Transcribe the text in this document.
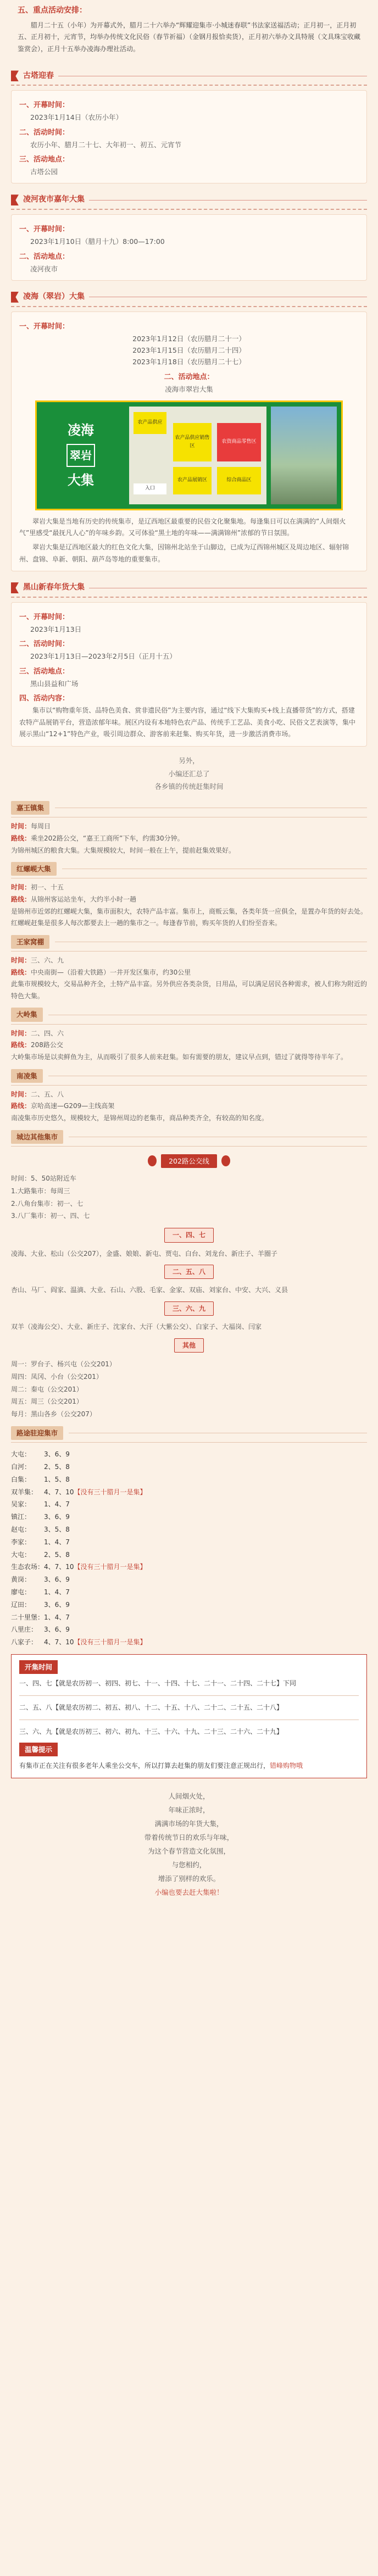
五、重点活动安排：

腊月二十五（小年）为开幕式外，腊月二十六举办“辉耀迎集市·小城迷春联”书法家送福活动；正月初一，正月初五、正月初十，元宵节，均举办传统文化民俗（春节祈福）（金钢月报恰卖货），正月初六举办文具特展（文具珠宝收藏鉴赏会），正月十五举办凌海办理社活动。

古塔迎春
一、开幕时间：
2023年1月14日（农历小年）
二、活动时间：
农历小年、腊月二十七、大年初一、初五、元宵节
三、活动地点：
古塔公园
凌河夜市嘉年大集
一、开幕时间：
2023年1月10日（腊月十九）8:00—17:00
二、活动地点：
凌河夜市
凌海（翠岩）大集
一、开幕时间：
2023年1月12日（农历腊月二十一）
2023年1月15日（农历腊月二十四）
2023年1月18日（农历腊月二十七）
二、活动地点：
凌海市翠岩大集
凌海
翠岩
大集
农产品供应
农产品供应销售区
农资商品零售区
农产品展销区	综合商品区
入口

翠岩大集是当地有历史的传统集市，是辽西地区最重要的民俗文化聚集地。每逢集日可以在满满的“人间烟火气”里感受“最抚凡人心”的年味乡韵。又可体验“黑土地的年味——满满锦州”浓郁的节日氛围。

翠岩大集是辽西地区最大的红色文化大集，因锦州北站坐于山脚边，已成为辽西锦州城区及周边地区、辐射锦州、盘锦、阜新、朝阳、葫芦岛等地的重要集市。

黑山新春年货大集
一、开幕时间：
2023年1月13日
二、活动时间：
2023年1月13日—2023年2月5日（正月十五）
三、活动地点：
黑山县益和广场
四、活动内容：

集市以“购物重年货、品特色美食、赏非遗民俗”为主要内容，通过“线下大集购买+线上直播带货”的方式，搭建农特产品展销平台，营造浓郁年味。展区内设有本地特色农产品、传统手工艺品、美食小吃、民俗文艺表演等，集中展示黑山“12+1”特色产业，吸引周边群众、游客前来赶集、购买年货，进一步激活消费市场。

另外，
小编还汇总了
各乡镇的传统赶集时间
嘉王镇集

时间：每周日

路线：乘坐202路公交，“嘉王工商所”下车，约需30分钟。

为锦州城区的粮食大集。大集规模较大，时间一般在上午，提前赶集效果好。

红螺岘大集

时间：初一、十五

路线：从锦州客运站坐车，大约半小时一趟

是锦州市近郊的红螺岘大集，集市面积大，农特产品丰富。集市上，商贩云集，各类年货一应俱全，是置办年货的好去处。红螺岘赶集是很多人每次都要去上一趟的集市之一。每逢春节前，购买年货的人们纷至沓来。

王家窝棚

时间：三、六、九

路线：中央南街—（沿着大铁路）一井开发区集市，约30公里

此集市规模较大，交易品种齐全，土特产品丰富。另外供应各类杂货，日用品，可以满足居民各种需求，被人们称为附近的特色大集。

大岭集

时间：二、四、六

路线：208路公交

大岭集市场是以卖鲜鱼为主，从而吸引了很多人前来赶集。如有需要的朋友，建议早点到，错过了就得等待半年了。

南凌集

时间：二、五、八

路线：京哈高速—G209—主线高架

南凌集市历史悠久，规模较大，是锦州周边的老集市，商品种类齐全，有较高的知名度。

城边其他集市
202路公交线
时间：5、50站附近车
1.大路集市：每周三
2.八角台集市：初一、七
3.八厂集市：初一、四、七
一、四、七
凌海、大业、松山（公交207），金盛、娘娘、新屯、贾屯、白台、刘龙台、新庄子、羊圈子
二、五、八
杏山、马厂、阎家、温滴、大业、石山、六股、毛家、金家、双庙、刘家台、中安、大兴、义县
三、六、九
双羊（凌海公交）、大业、新庄子、沈家台、大汗（大紫公交）、白家子、大福岗、闫家
其他
周一：罗台子、杨兴屯（公交201）
周四：凤冈、小台（公交201）
周二：秦屯（公交201）
周五：周三（公交201）
每月：黑山各乡（公交207）
路途驻迎集市
大屯： 3、6、9
白河： 2、5、8
白集： 1、5、8
双羊集： 4、7、10【没有三十腊月一是集】
吴家： 1、4、7
镇江： 3、6、9
赵屯： 3、5、8
李家： 1、4、7
大屯： 2、5、8
生态农场：4、7、10【没有三十腊月一是集】
黄岗： 3、6、9
廖屯： 1、4、7
辽田： 3、6、9
二十里堡：1、4、7
八里庄： 3、6、9
八家子： 4、7、10【没有三十腊月一是集】
开集时间

一、四、七【就是农历初一、初四、初七、十一、十四、十七、二十一、二十四、二十七】下同

二、五、八【就是农历初二、初五、初八、十二、十五、十八、二十二、二十五、二十八】

三、六、九【就是农历初三、初六、初九、十三、十六、十九、二十三、二十六、二十九】

温馨提示

有集市正在关注有很多老年人乘坐公交车，所以打算去赶集的朋友们要注意正规出行，错峰购物哦

人间烟火处，
年味正浓时，
满满市场的年货大集，
带着传统节日的欢乐与年味，
为这个春节营造文化氛围，
与您相约，
增添了别样的欢乐。
小编也要去赶大集啦！
